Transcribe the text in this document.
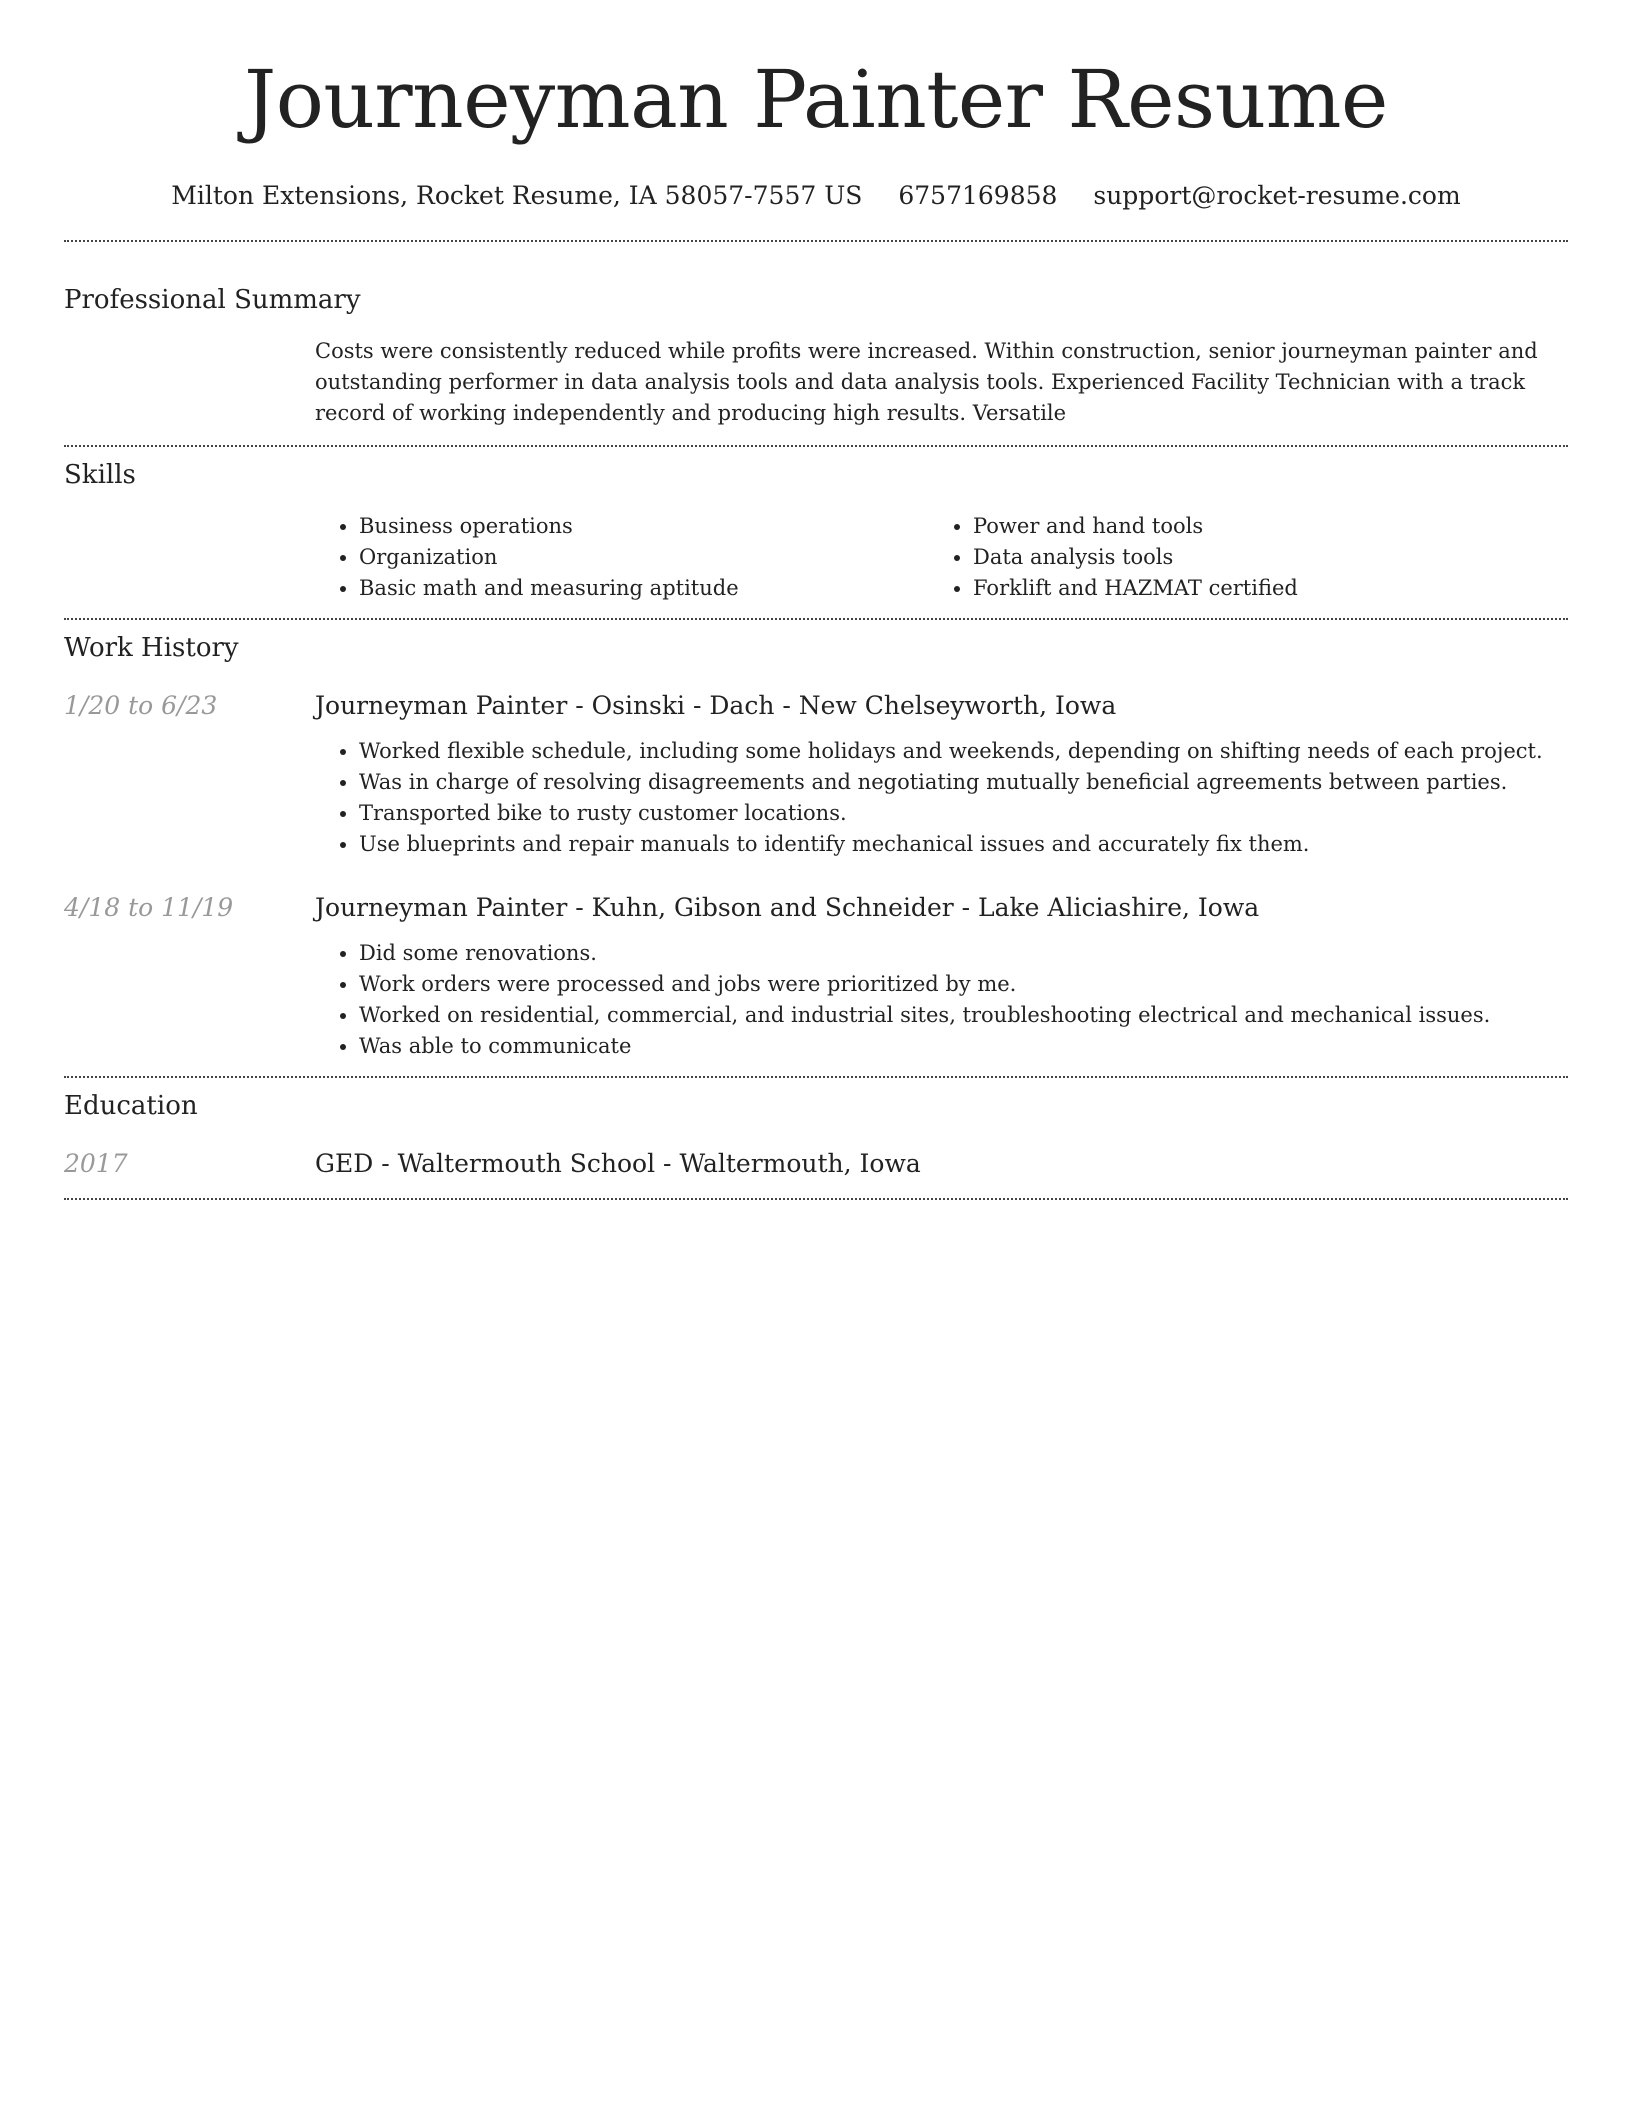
Journeyman Painter Resume
Milton Extensions, Rocket Resume, IA 58057-7557 US 6757169858 support@rocket-resume.com
Professional Summary
Costs were consistently reduced while profits were increased. Within construction, senior journeyman painter and outstanding performer in data analysis tools and data analysis tools. Experienced Facility Technician with a track record of working independently and producing high results. Versatile
Skills
• Business operations
• Organization
• Basic math and measuring aptitude
• Power and hand tools
• Data analysis tools
• Forklift and HAZMAT certified
Work History
1/20 to 6/23	Journeyman Painter - Osinski - Dach - New Chelseyworth, Iowa
• Worked flexible schedule, including some holidays and weekends, depending on shifting needs of each project.
• Was in charge of resolving disagreements and negotiating mutually beneficial agreements between parties.
• Transported bike to rusty customer locations.
• Use blueprints and repair manuals to identify mechanical issues and accurately fix them.
4/18 to 11/19	Journeyman Painter - Kuhn, Gibson and Schneider - Lake Aliciashire, Iowa
• Did some renovations.
• Work orders were processed and jobs were prioritized by me.
• Worked on residential, commercial, and industrial sites, troubleshooting electrical and mechanical issues.
• Was able to communicate
Education
2017	GED - Waltermouth School - Waltermouth, Iowa
